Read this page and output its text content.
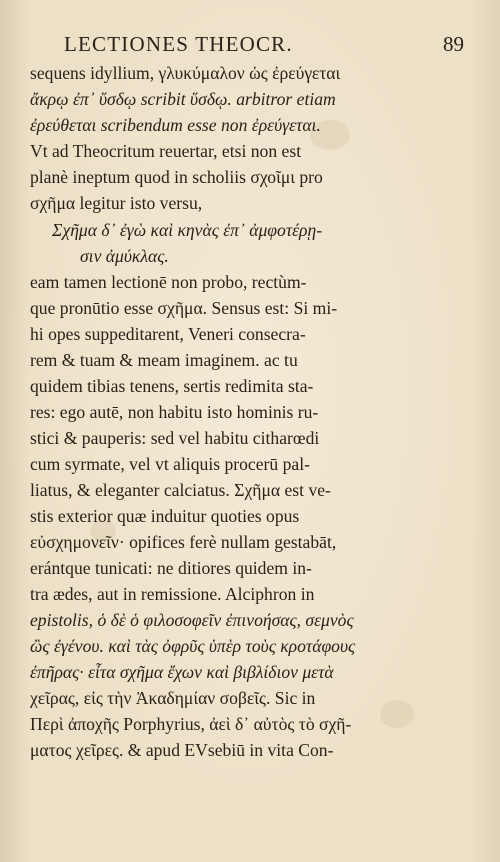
LECTIONES THEOCR.	89
sequens idyllium, γλυκύμαλον ὡς ἐρεύγεται
ἄκρῳ ἐπ᾽ ὕσδῳ scribit ὕσδῳ. arbitror etiam
ἐρεύθεται scribendum esse non ἐρεύγεται.
Vt ad Theocritum reuertar, etsi non est
planè ineptum quod in scholiis σχοῖμι pro
σχῆμα legitur isto versu,
Σχῆμα δ᾽ ἐγὼ καὶ κηνὰς ἐπ᾽ ἀμφοτέρῃ-
σιν ἀμύκλας.
eam tamen lectionē non probo, rectùm-
que pronūtio esse σχῆμα. Sensus est: Si mi-
hi opes suppeditarent, Veneri consecra-
rem & tuam & meam imaginem. ac tu
quidem tibias tenens, sertis redimita sta-
res: ego autē, non habitu isto hominis ru-
stici & pauperis: sed vel habitu citharœdi
cum syrmate, vel vt aliquis procerū pal-
liatus, & eleganter calciatus. Σχῆμα est ve-
stis exterior quæ induitur quoties opus
εὐσχημονεῖν· opifices ferè nullam gestabāt,
erántque tunicati: ne ditiores quidem in-
tra ædes, aut in remissione. Alciphron in
epistolis, ὁ δὲ ὁ φιλοσοφεῖν ἐπινοήσας, σεμνὸς
ὢς ἐγένου. καὶ τὰς ὀφρῦς ὑπὲρ τοὺς κροτάφους
ἐπῆρας· εἶτα σχῆμα ἔχων καὶ βιβλίδιον μετὰ
χεῖρας, εἰς τὴν Ἀκαδημίαν σοβεῖς. Sic in
Περὶ ἀποχῆς Porphyrius, ἀεὶ δ᾽ αὐτὸς τὸ σχῆ-
ματος χεῖρες. & apud EVsebiū in vita Con-
